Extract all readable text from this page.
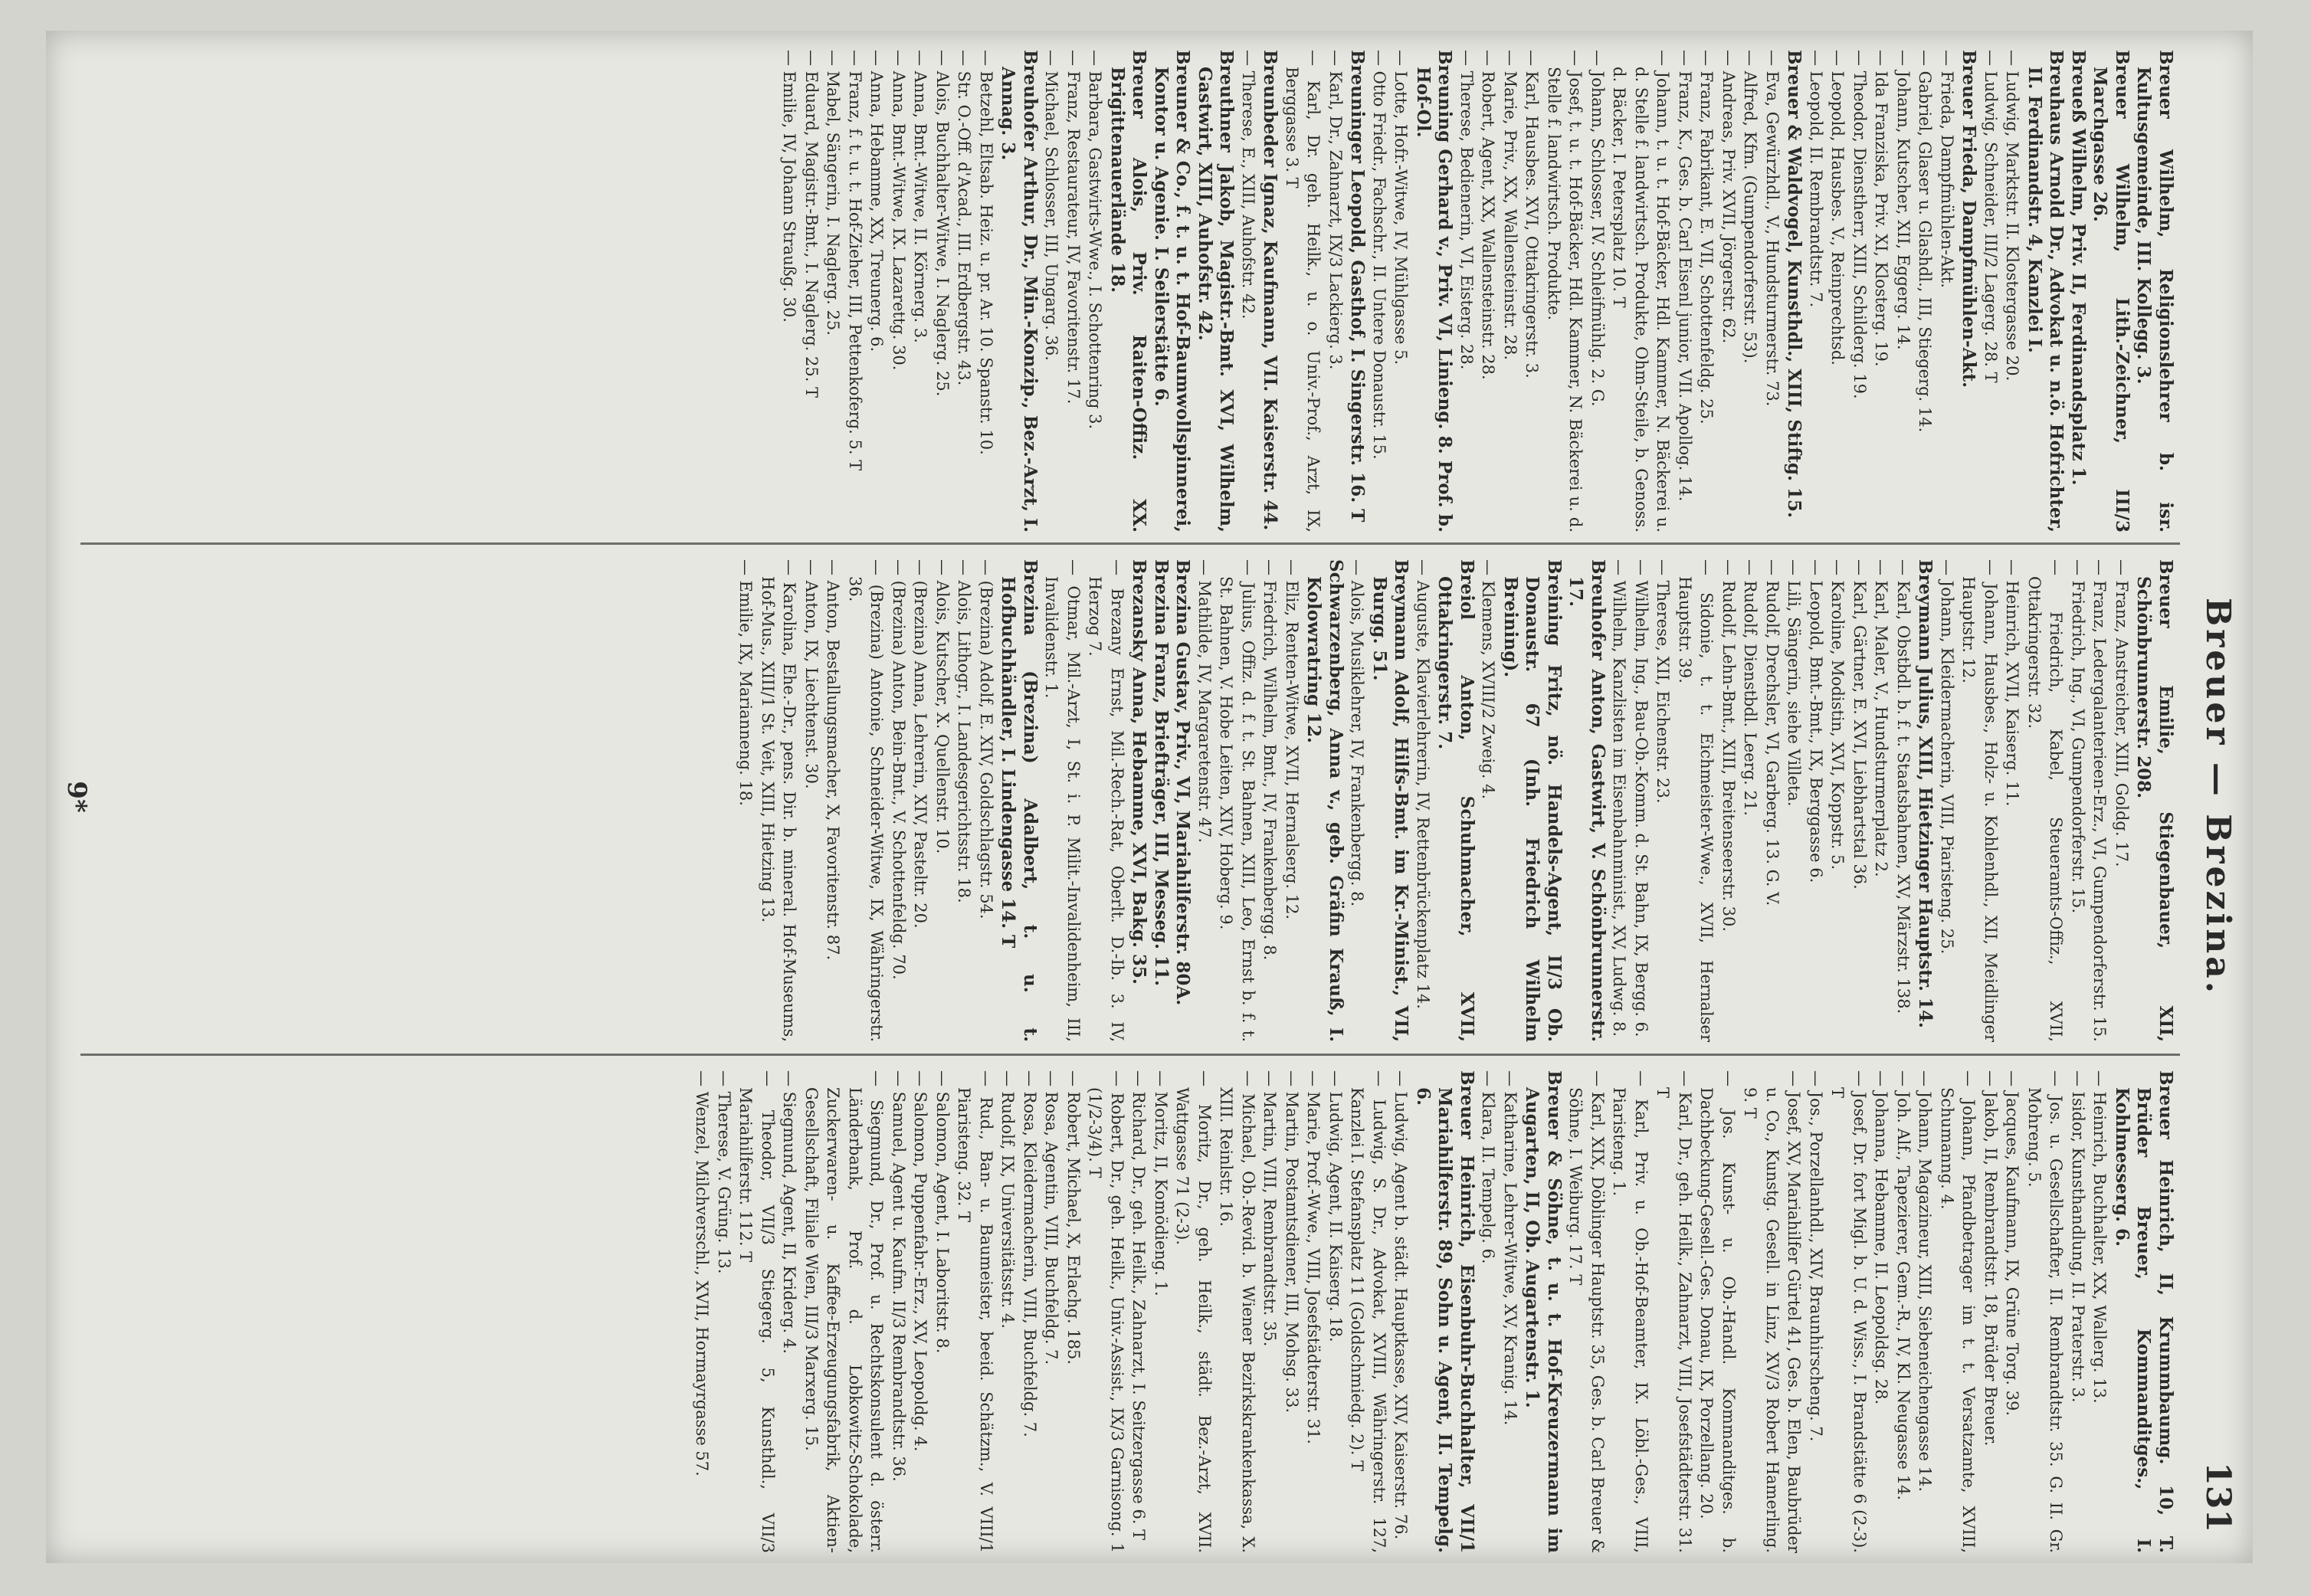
Breuer — Brezina.
131

Breuer Wilhelm, Religionslehrer b. isr. Kultusgemeinde, III. Kollegg. 3.

Breuer Wilhelm, Lith.-Zeichner, III/3 Marchgasse 26.

Breueß Wilhelm, Priv. II, Ferdinandsplatz 1.

Breuhaus Arnold Dr., Advokat u. n.ö. Hofrichter, II. Ferdinandstr. 4, Kanzlei I.

— Ludwig, Marktstr. II. Klostergasse 20.

— Ludwig, Schneider, III/2 Lagerg. 28. T

Breuer Frieda, Dampfmühlen-Akt.

— Frieda, Dampfmühlen-Akt.

— Gabriel, Glaser u. Glashdl., III, Stiegerg. 14.

— Johann, Kutscher, XII, Eggerg. 14.

— Ida Franziska, Priv. XI, Klosterg. 19.

— Theodor, Dienstherr, XIII, Schilderg. 19.

— Leopold, Hausbes. V., Reinprechtsd.

— Leopold, II. Rembrandtstr. 7.

Breuer & Waldvogel, Kunsthdl., XIII, Stiftg. 15.

— Eva, Gewürzhdl., V., Hundsturmerstr. 73.

— Alfred, Kfm. (Gumpendorferstr. 53).

— Andreas, Priv. XVII, Jörgerstr. 62.

— Franz, Fabrikant, E. VII, Schottenfeldg. 25.

— Franz, K., Ges. b. Carl Eisenl junior, VII. Apollog. 14.

— Johann, t. u. t. Hof-Bäcker, Hdl. Kammer, N. Bäckerei u. d. Stelle f. landwirtsch. Produkte, Ohm-Steile, b. Genoss. d. Bäcker, I. Petersplatz 10. T

— Johann, Schlosser, IV. Schleifmühlg. 2. G.

— Josef, t. u. t. Hof-Bäcker, Hdl. Kammer, N. Bäckerei u. d. Stelle f. landwirtsch. Produkte.

— Karl, Hausbes. XVI, Ottakringerstr. 3.

— Marie, Priv., XX, Wallensteinstr. 28.

— Robert, Agent, XX, Wallensteinstr. 28.

— Therese, Bedienerin, VI, Eisterg. 28.

Breuning Gerhard v., Priv. VI, Linieng. 8. Prof. b. Hof-Ol.

— Lotte, Hofr.-Witwe, IV, Mühlgasse 5.

— Otto Friedr., Fachschr., II. Untere Donaustr. 15.

Breuninger Leopold, Gasthof, I. Singerstr. 16. T

— Karl, Dr., Zahnarzt, IX/3 Lackierg. 3.

— Karl, Dr. geh. Heilk., u. o. Univ.-Prof., Arzt, IX, Berggasse 3. T

Breunbeder Ignaz, Kaufmann, VII. Kaiserstr. 44.

— Therese, E., XIII, Auhofstr. 42.

Breuthner Jakob, Magistr.-Bmt. XVI, Wilhelm, Gastwirt, XIII, Auhofstr. 42.

Breuner & Co., f. t. u. t. Hof-Baumwollspinnerei, Kontor u. Agenie. I. Seilerstätte 6.

Breuer Alois, Priv. Raiten-Offiz. XX. Brigittenauerlände 18.

— Barbara, Gastwirts-Wwe., I. Schottenring 3.

— Franz, Restaurateur, IV, Favoritenstr. 17.

— Michael, Schlosser, III, Ungarg. 36.

Breuhofer Arthur, Dr., Min.-Konzip., Bez.-Arzt, I. Annag. 3.

— Betzehl, Eltsab. Heiz. u. pr. Ar. 10. Spanstr. 10.

— Str. O.-Off. d'Acad., III. Erdbergstr. 43.

— Alois, Buchhalter-Witwe, I. Naglerg. 25.

— Anna, Bmt.-Witwe, II. Körnerg. 3.

— Anna, Bmt.-Witwe, IX. Lazarettg. 30.

— Anna, Hebamme, XX, Treunerg. 6.

— Franz, f. t. u. t. Hof-Zieher, III, Pettenkoferg. 5. T

— Mabel, Sängerin, I. Naglerg. 25.

— Eduard, Magistr.-Bmt., I. Naglerg. 25. T

— Emilie, IV, Johann Straußg. 30.

Breuer Emilie, Stiegenbauer, XII, Schönbrunnerstr. 208.

— Franz, Anstreicher, XIII, Goldg. 17.

— Franz, Ledergalanterieen-Erz., VI, Gumpendorferstr. 15.

— Friedrich, Ing., VI, Gumpendorferstr. 15.

— Friedrich, Kabel, Steueramts-Offiz., XVII, Ottakringerstr. 32.

— Heinrich, XVII, Kaiserg. 11.

— Johann, Hausbes., Holz- u. Kohlenhdl., XII, Meidlinger Hauptstr. 12.

— Johann, Kleidermacherin, VIII, Piaristeng. 25.

Breymann Julius, XIII, Hietzinger Hauptstr. 14.

— Karl, Obstbdl. b. f. t. Staatsbahnen, XV, Märzstr. 138.

— Karl, Maler, V., Hundsturmerplatz 2.

— Karl, Gärtner, E. XVI, Liebhartstal 36.

— Karoline, Modistin, XVI, Koppstr. 5.

— Leopold, Bmt.-Bmt., IX, Berggasse 6.

— Lili, Sängerin, siehe Villeta.

— Rudolf, Drechsler, VI, Garberg. 13. G. V.

— Rudolf, Dienstbdl. Leerg. 21.

— Rudolf, Lehn-Bmt., XIII, Breitenseerstr. 30.

— Sidonie, t. t. Eichmeister-Wwe., XVII, Hernalser Hauptstr. 39.

— Therese, XII, Eichenstr. 23.

— Wilhelm, Ing., Bau-Ob.-Komm. d. St. Bahn, IX, Bergg. 6.

— Wilhelm, Kanzlisten im Eisenbahnminist., XV, Ludwg. 8.

Breuhofer Anton, Gastwirt, V. Schönbrunnerstr. 17.

Breining Fritz, nö. Handels-Agent, II/3 Ob. Donaustr. 67 (Inh. Friedrich Wilhelm Breining).

— Klemens, XVIII/2 Zweig. 4.

Breiol Anton, Schuhmacher, XVII, Ottakringerstr. 7.

— Auguste, Klavierlehrerin, IV, Rettenbrückenplatz 14.

Breymann Adolf, Hilfs-Bmt. im Kr.-Minist., VII, Burgg. 51.

— Alois, Musiklehrer, IV, Frankenbergg. 8.

Schwarzenberg, Anna v., geb. Gräfin Krauß, I. Kolowratring 12.

— Eliz, Renten-Witwe, XVII, Hernalserg. 12.

— Friedrich, Wilhelm, Bmt., IV, Frankenbergg. 8.

— Julius, Offiz. d. f. t. St. Bahnen, XIII, Leo, Ernst b. f. t. St. Bahnen, V. Hobe Leiten, XIV, Hoberg. 9.

— Mathilde, IV, Margaretenstr. 47.

Brezina Gustav, Priv., VI, Mariahilferstr. 80A.

Brezina Franz, Briefträger, III, Messeg. 11.

Brezansky Anna, Hebamme, XVI, Bakg. 35.

— Brezany Ernst, Mil.-Rech.-Rat, Oberlt. D.-Ib. 3. IV, Herzog 7.

— Otmar, Mil.-Arzt, I, St. i. P. Milit.-Invalidenheim, III, Invalidenstr. 1.

Brezina (Brezina) Adalbert, t. u. t. Hofbuchhändler, I. Lindengasse 14. T

— (Brezina) Adolf, E. XIV, Goldschlagstr. 54.

— Alois, Lithogr., I. Landesgerichtsstr. 18.

— Alois, Kutscher, X. Quellenstr. 10.

— (Brezina) Anna, Lehrerin, XIV, Pasteltr. 20.

— (Brezina) Anton, Bein-Bmt., V. Schottenfeldg. 70.

— (Brezina) Antonie, Schneider-Witwe, IX, Währingerstr. 36.

— Anton, Bestallungsmacher, X, Favoritenstr. 87.

— Anton, IX, Liechtenst. 30.

— Karolina, Ehe.-Dr., pens. Dir. b. mineral. Hof-Museums, Hof-Mus., XIII/1 St. Veit, XIII, Hietzing 13.

— Emilie, IX, Marianneng. 18.

Breuer Heinrich, II, Krummbaumg. 10, T. Brüder Breuer, Kommanditges., I. Kohlmesserg. 6.

— Heinrich, Buchhalter, XX, Wallerg. 13.

— Isidor, Kunsthandlung, II. Praterstr. 3.

— Jos. u. Gesellschafter, II. Rembrandtstr. 35. G. II. Gr. Mohreng. 5.

— Jacques, Kaufmann, IX, Grüne Torg. 39.

— Jakob, II, Rembrandtstr. 18, Brüder Breuer.

— Johann, Pfandbetrager im t. t. Versatzamte, XVIII, Schumanng. 4.

— Johann, Magazineur, XIII, Siebeneichengasse 14.

— Joh. Alf., Tapezierer, Gem.-R., IV, Kl. Neugasse 14.

— Johanna, Hebamme, II. Leopoldsg. 28.

— Josef, Dr. fort Migl. b. U. d. Wiss., I. Brandstätte 6 (2-3). T

— Jos., Porzellanhdl., XIV, Braunhirscheng. 7.

— Josef, XV, Mariahilfer Gürtel 41, Ges. b. Elen, Baubrüder u. Co., Kunstg. Gesell. in Linz, XV/3 Robert Hamerling. 9. T

— Jos. Kunst- u. Ob.-Handl. Kommanditges. b. Dachbeckung-Gesell.-Ges. Donau, IX, Porzellang. 20.

— Karl, Dr., geh. Heilk., Zahnarzt, VIII, Josefstädterstr. 31. T

— Karl, Priv. u. Ob.-Hof-Beamter, IX. Löbl.-Ges., VIII, Piaristeng. 1.

— Karl, XIX, Döblinger Hauptstr. 35, Ges. b. Carl Breuer & Söhne, I. Weiburg. 17. T

Breuer & Söhne, t. u. t. Hof-Kreuzermann im Augarten, II, Ob. Augartenstr. 1.

— Katharine, Lehrer-Witwe, XV, Kranig. 14.

— Klara, II. Tempelg. 6.

Breuer Heinrich, Eisenbuhr-Buchhalter, VII/1 Mariahilferstr. 89, Sohn u. Agent, II. Tempelg. 6.

— Ludwig, Agent b. städt. Hauptkasse, XIV, Kaiserstr. 76.

— Ludwig, S. Dr., Advokat, XVIII, Währingerstr. 127, Kanzlei I. Stefansplatz 11 (Goldschmiedg. 2). T

— Ludwig, Agent, II. Kaiserg. 18.

— Marie, Prof.-Wwe., VIII, Josefstädterstr. 31.

— Martin, Postamtsdiener, III, Mohsg. 33.

— Martin, VIII, Rembrandtstr. 35.

— Michael, Ob.-Revid. b. Wiener Bezirkskrankenkassa, X. XIII. Reinlstr. 16.

— Moritz, Dr., geh. Heilk., städt. Bez.-Arzt, XVII. Wattgasse 71 (2-3).

— Moritz, II, Komödieng. 1.

— Richard, Dr., geh. Heilk., Zahnarzt, I. Seitzergasse 6. T

— Robert, Dr., geh. Heilk., Univ.-Assist., IX/3 Garnisong. 1 (1/2-3/4). T

— Robert, Michael, X, Erlachg. 185.

— Rosa, Agentin, VIII, Buchfeldg. 7.

— Rosa, Kleidermacherin, VIII, Buchfeldg. 7.

— Rudolf, IX, Universitätsstr. 4.

— Rud., Ban- u. Baumeister, beeid. Schätzm., V. VIII/1 Piaristeng. 32. T

— Salomon, Agent, I. Laboritstr. 8.

— Salomon, Puppenfabr.-Erz., XV, Leopoldg. 4.

— Samuel, Agent u. Kaufm. II/3 Rembrandtstr. 36.

— Siegmund, Dr., Prof. u. Rechtskonsulent d. österr. Länderbank, Prof. d. Lobkowitz-Schokolade, Zuckerwaren- u. Kaffee-Erzeugungsfabrik, Aktien-Gesellschaft, Filiale Wien, III/3 Marxerg. 15.

— Siegmund, Agent, II, Kriderg. 4.

— Theodor, VII/3 Stiegerg. 5, Kunsthdl., VII/3 Mariahilferstr. 112. T

— Therese, V. Grüng. 13.

— Wenzel, Milchverschl., XVII, Hormayrgasse 57.

9*
